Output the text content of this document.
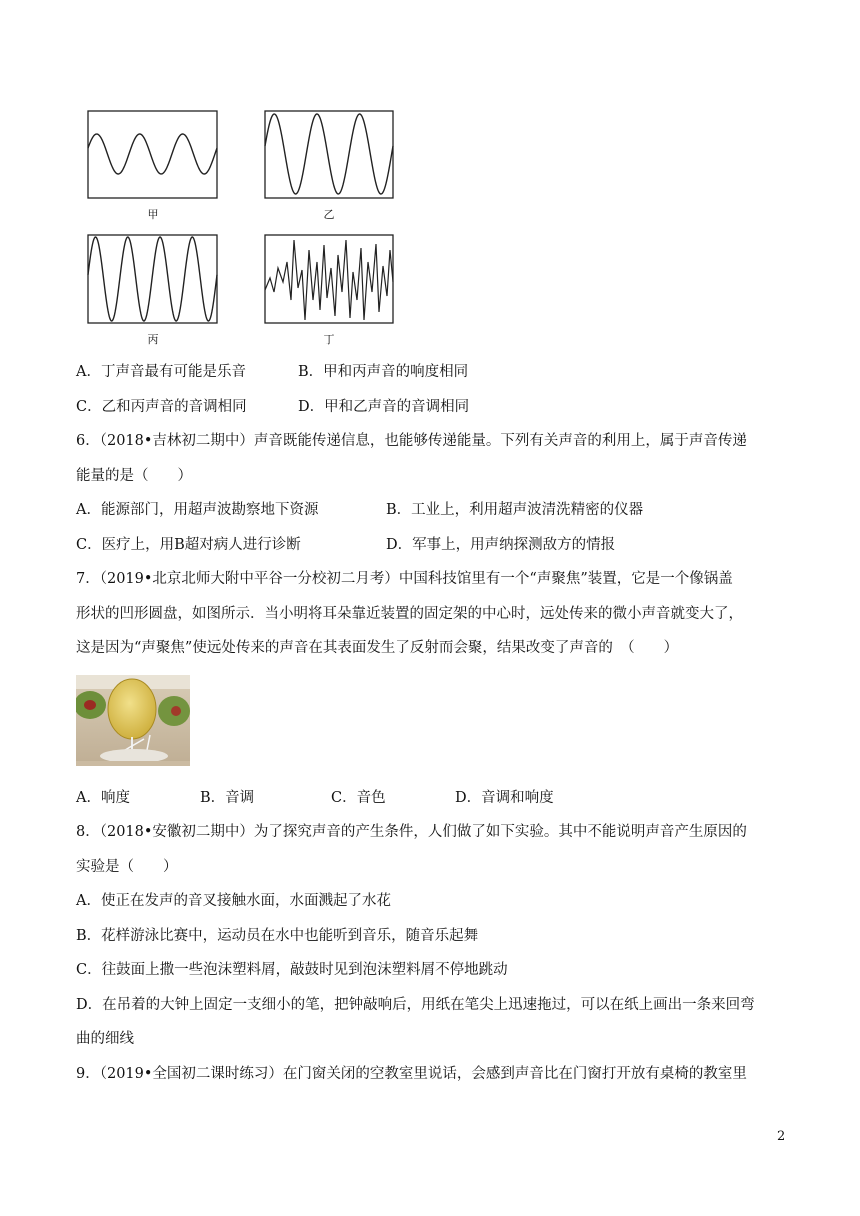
甲	乙
丙	丁
A．丁声音最有可能是乐音	B．甲和丙声音的响度相同
C．乙和丙声音的音调相同	D．甲和乙声音的音调相同
6．（2018•吉林初二期中）声音既能传递信息，也能够传递能量。下列有关声音的利用上，属于声音传递
能量的是（　　）
A．能源部门，用超声波勘察地下资源	B．工业上，利用超声波清洗精密的仪器
C．医疗上，用B超对病人进行诊断	D．军事上，用声纳探测敌方的情报
7．（2019•北京北师大附中平谷一分校初二月考）中国科技馆里有一个“声聚焦”装置，它是一个像锅盖
形状的凹形圆盘，如图所示．当小明将耳朵靠近装置的固定架的中心时，远处传来的微小声音就变大了，
这是因为“声聚焦”使远处传来的声音在其表面发生了反射而会聚，结果改变了声音的　（　　）
A．响度	B．音调	C．音色	D．音调和响度
8．（2018•安徽初二期中）为了探究声音的产生条件，人们做了如下实验。其中不能说明声音产生原因的
实验是（　　）
A．使正在发声的音叉接触水面，水面溅起了水花
B．花样游泳比赛中，运动员在水中也能听到音乐，随音乐起舞
C．往鼓面上撒一些泡沫塑料屑，敲鼓时见到泡沫塑料屑不停地跳动
D．在吊着的大钟上固定一支细小的笔，把钟敲响后，用纸在笔尖上迅速拖过，可以在纸上画出一条来回弯
曲的细线
9．（2019•全国初二课时练习）在门窗关闭的空教室里说话，会感到声音比在门窗打开放有桌椅的教室里
2
